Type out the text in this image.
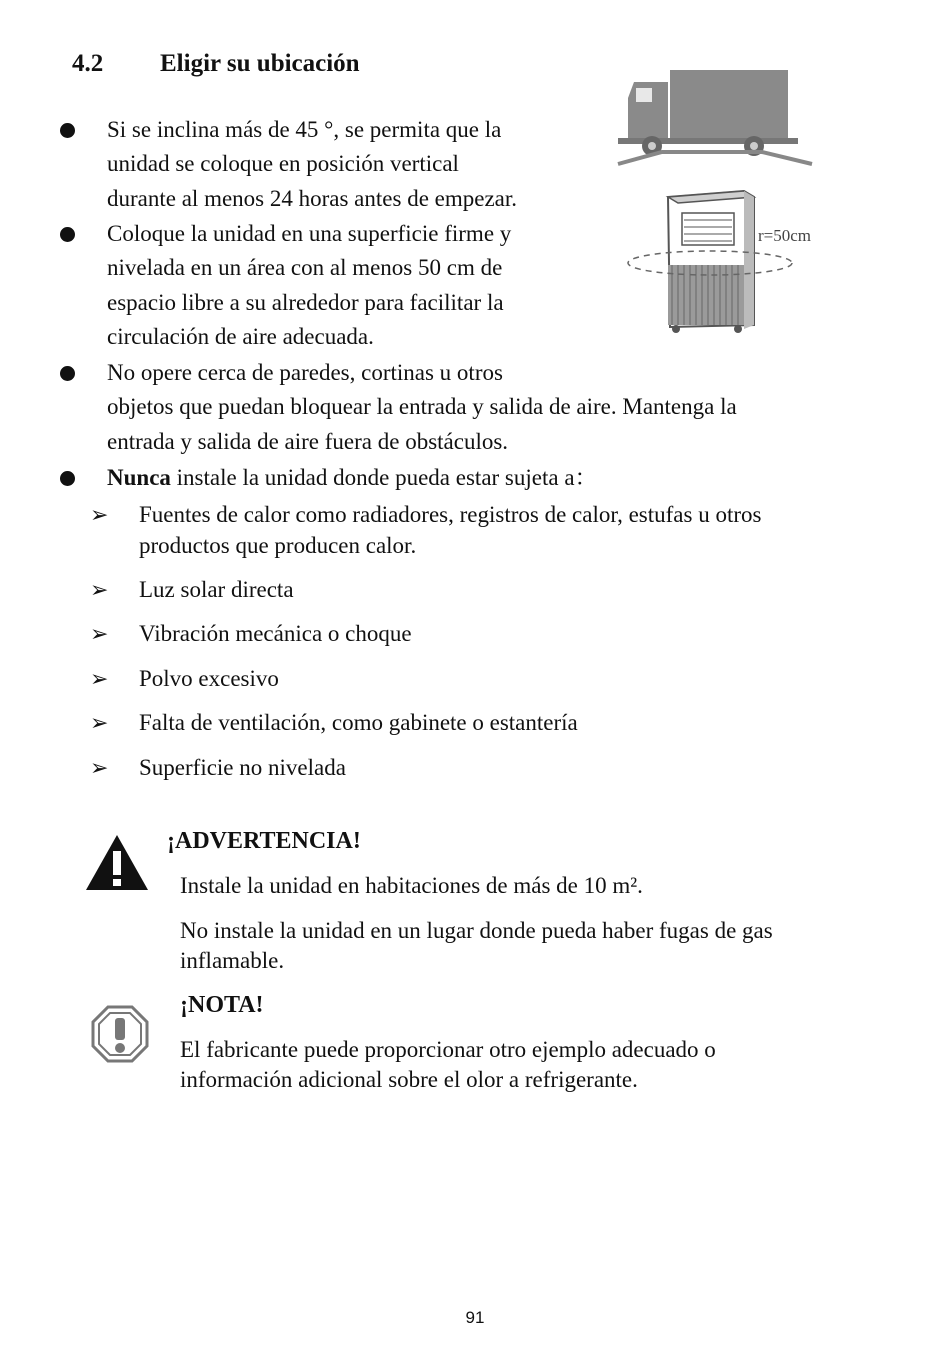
4.2 Eligir su ubicación
r=50cm
Si se inclina más de 45 °, se permita que la
unidad se coloque en posición vertical
durante al menos 24 horas antes de empezar.
Coloque la unidad en una superficie firme y
nivelada en un área con al menos 50 cm de
espacio libre a su alrededor para facilitar la
circulación de aire adecuada.
No opere cerca de paredes, cortinas u otros
objetos que puedan bloquear la entrada y salida de aire. Mantenga la
entrada y salida de aire fuera de obstáculos.
Nunca instale la unidad donde pueda estar sujeta a：
➢ Fuentes de calor como radiadores, registros de calor, estufas u otros
productos que producen calor.
➢ Luz solar directa
➢ Vibración mecánica o choque
➢ Polvo excesivo
➢ Falta de ventilación, como gabinete o estantería
➢ Superficie no nivelada
¡ADVERTENCIA!
Instale la unidad en habitaciones de más de 10 m².
No instale la unidad en un lugar donde pueda haber fugas de gas
inflamable.
¡NOTA!
El fabricante puede proporcionar otro ejemplo adecuado o
información adicional sobre el olor a refrigerante.
91
